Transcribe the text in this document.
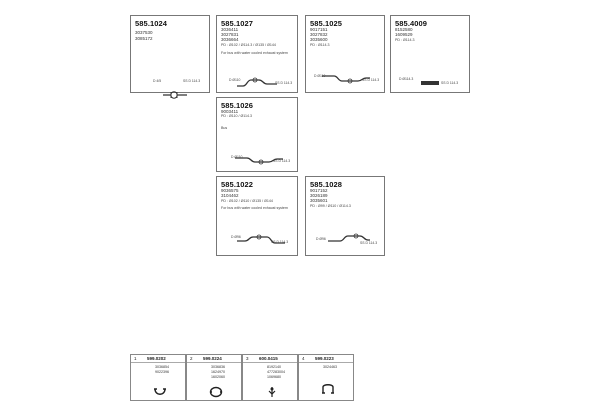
585.1024
3037530
3085172
D 4/5	SS D 114.3
585.1027
3036411
3027831
3036664
PD : Ø102 / Ø114.3 / Ø135 / Ø144
For bus with water cooled exhaust system
D Ø110
SS D 114.3
585.1025
9017151
3027832
3035600
PD : Ø114.3
D Ø110
SS D 114.3
585.4009
8152580
1609529
PD : Ø114.3
D Ø114.3
SS D 114.3
585.1026
9003411
PD : Ø110 / Ø114.3
Bus
D Ø110
SS D 114.3
585.1022
9036575
3104462
PD : Ø102 / Ø110 / Ø135 / Ø144
For bus with water cooled exhaust system
D Ø96
SS D 114.3
585.1028
9017152
3026189
3035601
PD : Ø99 / Ø110 / Ø114.3
D Ø96
SS D 114.3
1 599.0202
3036854
9022396
2 599.0224
3036836
1624970
1602060
3 600.0415
8192140
477283004
1069680
4 599.0223
3024463
